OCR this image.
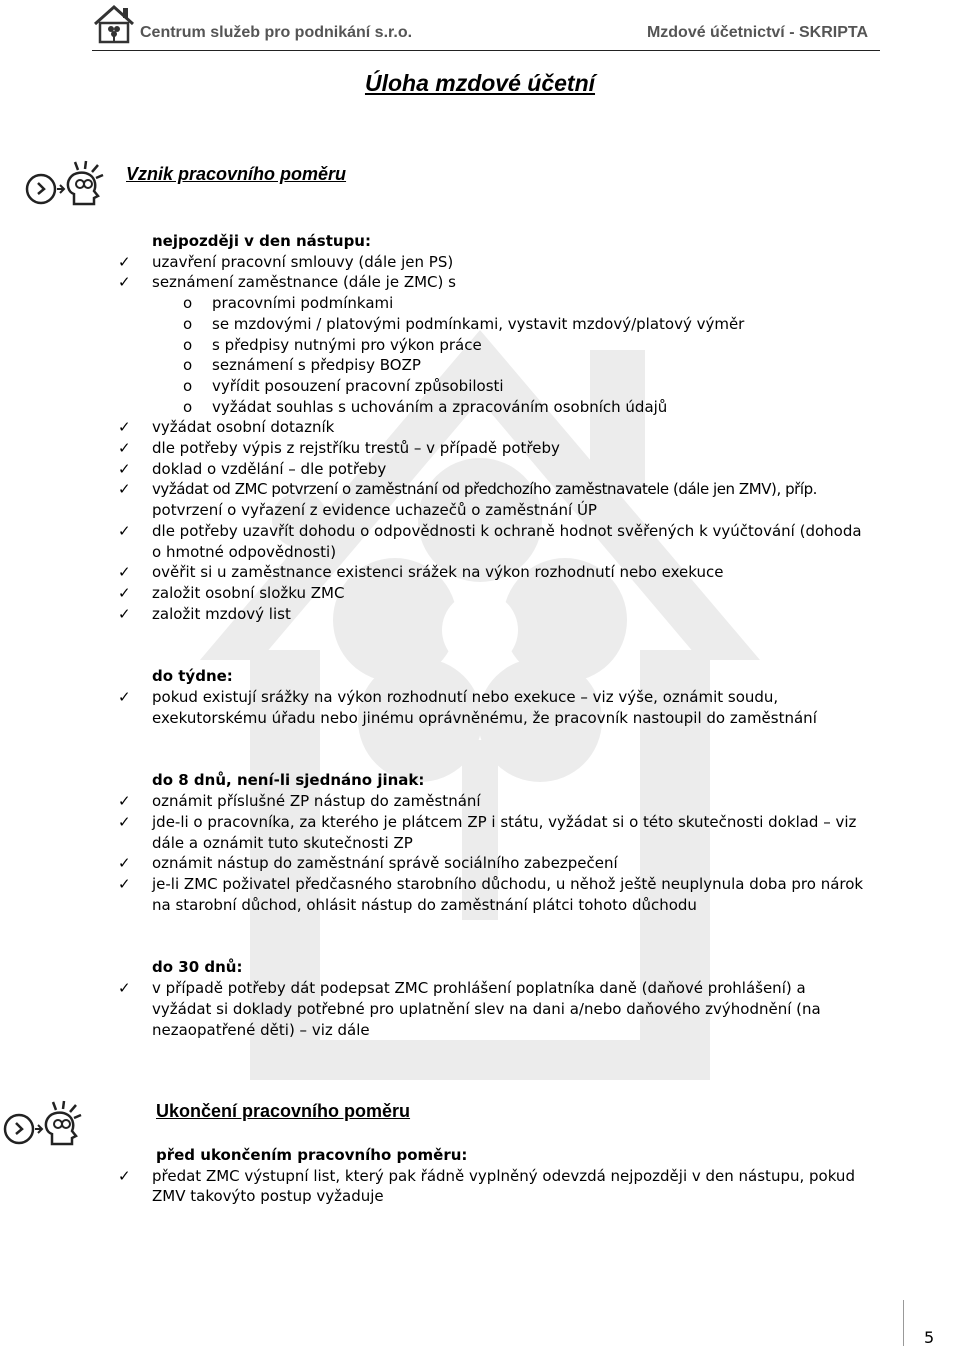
Centrum služeb pro podnikání s.r.o.	Mzdové účetnictví - SKRIPTA
Úloha mzdové účetní
Vznik pracovního poměru
nejpozději v den nástupu:
✓ uzavření pracovní smlouvy (dále jen PS)
✓ seznámení zaměstnance (dále je ZMC) s
o pracovními podmínkami
o se mzdovými / platovými podmínkami, vystavit mzdový/platový výměr
o s předpisy nutnými pro výkon práce
o seznámení s předpisy BOZP
o vyřídit posouzení pracovní způsobilosti
o vyžádat souhlas s uchováním a zpracováním osobních údajů
✓ vyžádat osobní dotazník
✓ dle potřeby výpis z rejstříku trestů – v případě potřeby
✓ doklad o vzdělání – dle potřeby
✓ vyžádat od ZMC potvrzení o zaměstnání od předchozího zaměstnavatele (dále jen ZMV), příp.
potvrzení o vyřazení z evidence uchazečů o zaměstnání ÚP
✓ dle potřeby uzavřít dohodu o odpovědnosti k ochraně hodnot svěřených k vyúčtování (dohoda o hmotné odpovědnosti)
✓ ověřit si u zaměstnance existenci srážek na výkon rozhodnutí nebo exekuce
✓ založit osobní složku ZMC
✓ založit mzdový list
do týdne:
✓ pokud existují srážky na výkon rozhodnutí nebo exekuce – viz výše, oznámit soudu, exekutorskému úřadu nebo jinému oprávněnému, že pracovník nastoupil do zaměstnání
do 8 dnů, není-li sjednáno jinak:
✓ oznámit příslušné ZP nástup do zaměstnání
✓ jde-li o pracovníka, za kterého je plátcem ZP i státu, vyžádat si o této skutečnosti doklad – viz dále a oznámit tuto skutečnosti ZP
✓ oznámit nástup do zaměstnání správě sociálního zabezpečení
✓ je-li ZMC poživatel předčasného starobního důchodu, u něhož ještě neuplynula doba pro nárok na starobní důchod, ohlásit nástup do zaměstnání plátci tohoto důchodu
do 30 dnů:
✓ v případě potřeby dát podepsat ZMC prohlášení poplatníka daně (daňové prohlášení) a vyžádat si doklady potřebné pro uplatnění slev na dani a/nebo daňového zvýhodnění (na nezaopatřené děti) – viz dále
Ukončení pracovního poměru
před ukončením pracovního poměru:
✓ předat ZMC výstupní list, který pak řádně vyplněný odevzdá nejpozději v den nástupu, pokud ZMV takovýto postup vyžaduje
5
